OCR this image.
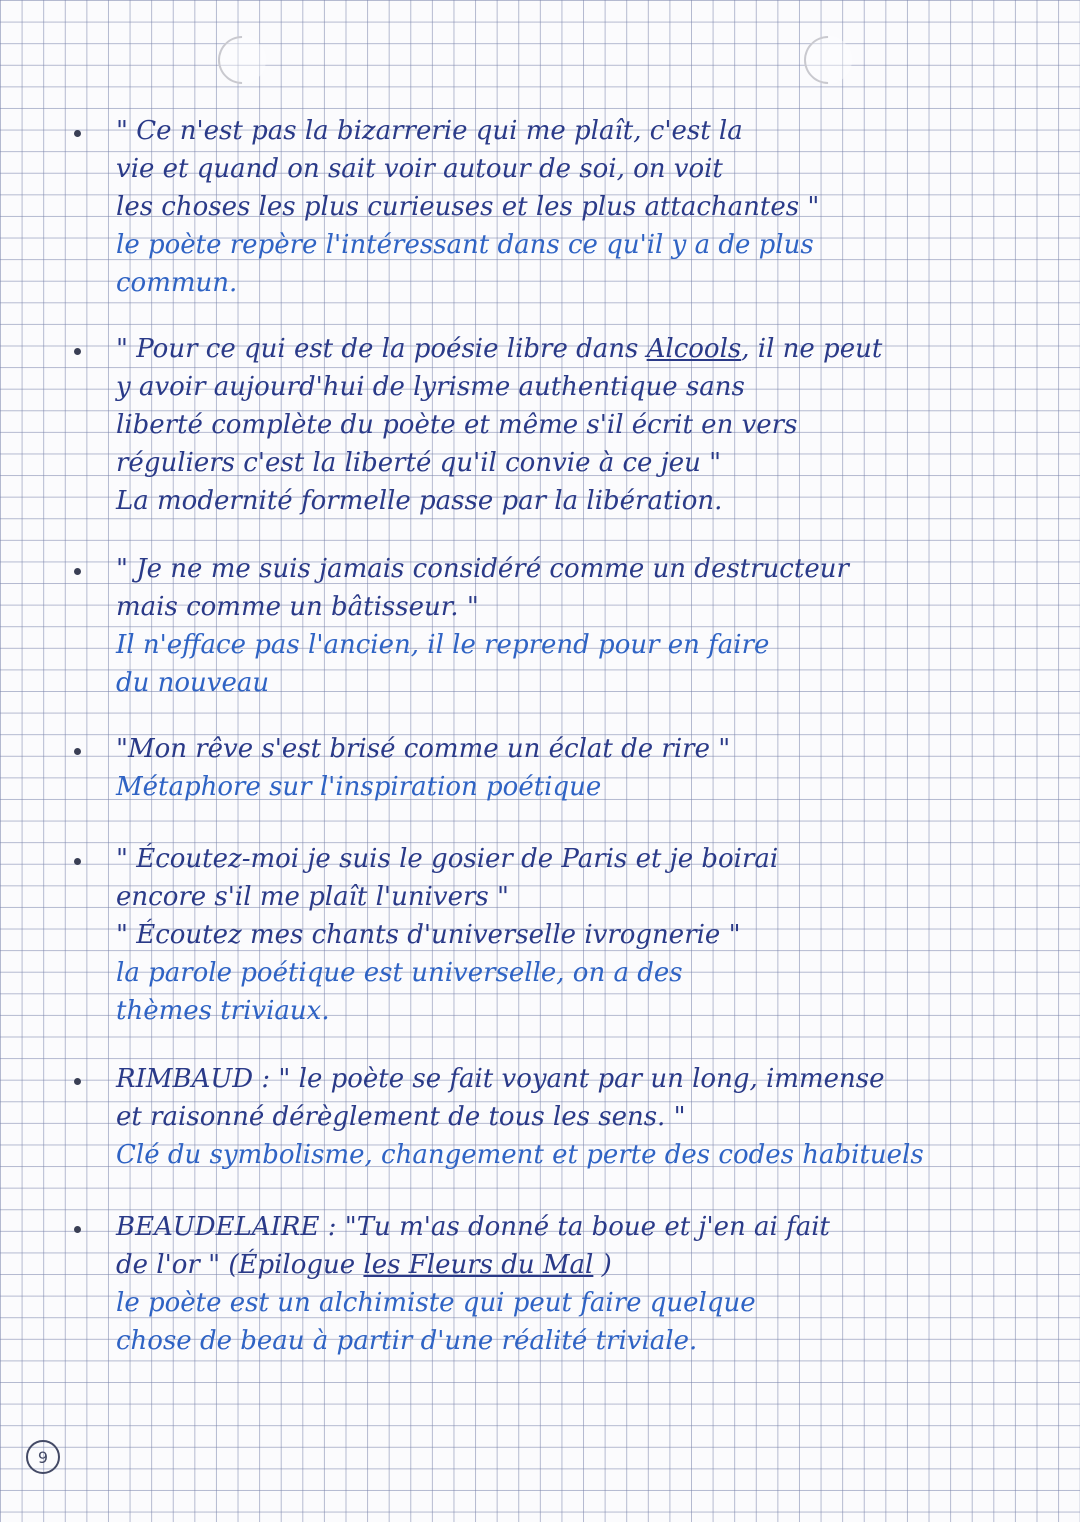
" Ce n'est pas la bizarrerie qui me plaît, c'est la
vie et quand on sait voir autour de soi, on voit
les choses les plus curieuses et les plus attachantes "
le poète repère l'intéressant dans ce qu'il y a de plus
commun.
" Pour ce qui est de la poésie libre dans Alcools, il ne peut
y avoir aujourd'hui de lyrisme authentique sans
liberté complète du poète et même s'il écrit en vers
réguliers c'est la liberté qu'il convie à ce jeu "
La modernité formelle passe par la libération.
" Je ne me suis jamais considéré comme un destructeur
mais comme un bâtisseur. "
Il n'efface pas l'ancien, il le reprend pour en faire
du nouveau
"Mon rêve s'est brisé comme un éclat de rire "
Métaphore sur l'inspiration poétique
" Écoutez-moi je suis le gosier de Paris et je boirai
encore s'il me plaît l'univers "
" Écoutez mes chants d'universelle ivrognerie "
la parole poétique est universelle, on a des
thèmes triviaux.
RIMBAUD : " le poète se fait voyant par un long, immense
et raisonné dérèglement de tous les sens. "
Clé du symbolisme, changement et perte des codes habituels
BEAUDELAIRE : "Tu m'as donné ta boue et j'en ai fait
de l'or " (Épilogue les Fleurs du Mal )
le poète est un alchimiste qui peut faire quelque
chose de beau à partir d'une réalité triviale.
9
